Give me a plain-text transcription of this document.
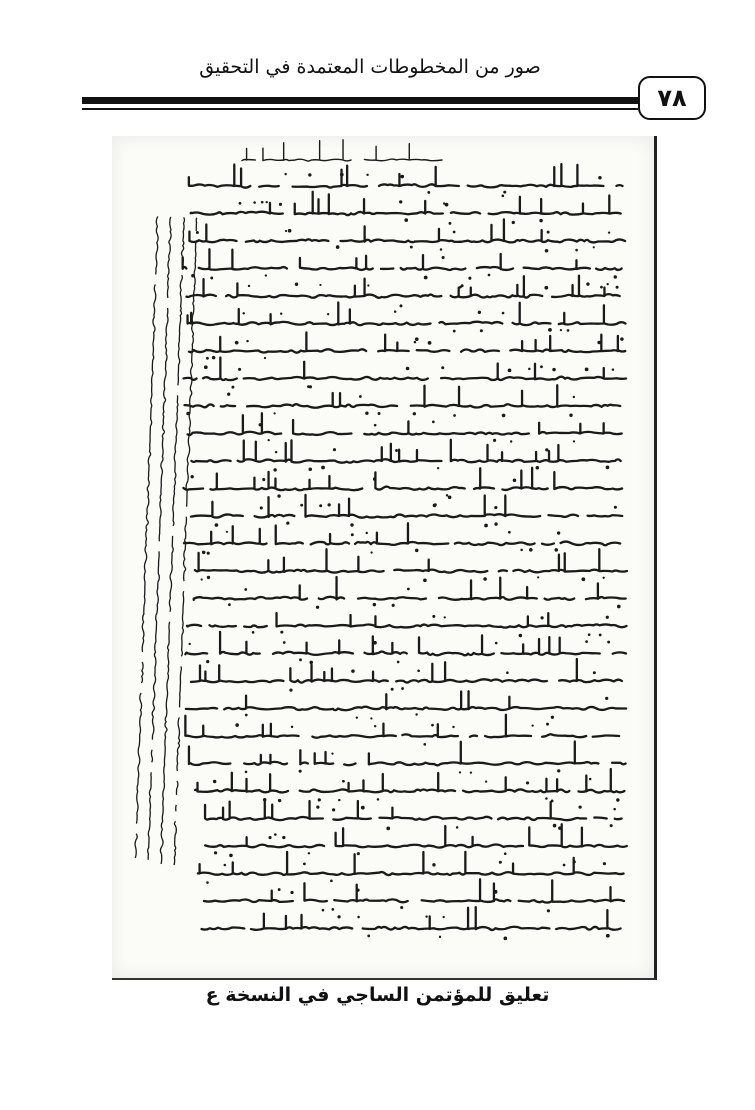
صور من المخطوطات المعتمدة في التحقيق
٧٨
تعليق للمؤتمن الساجي في النسخة ع
